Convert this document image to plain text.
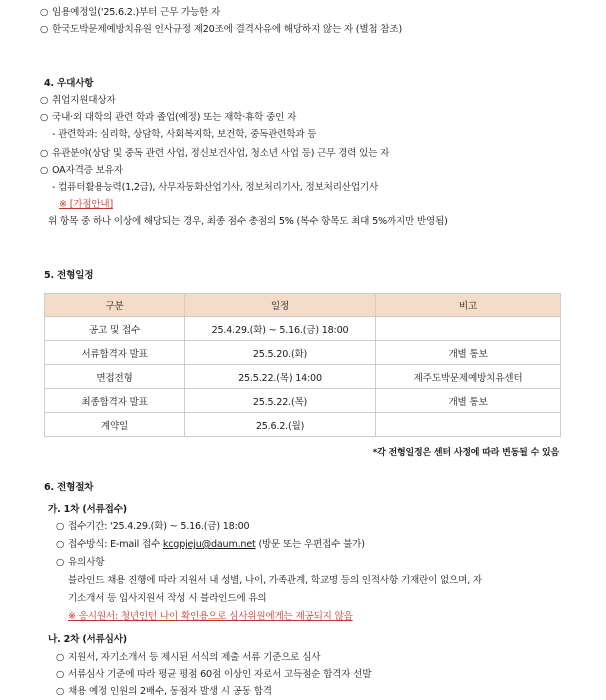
○ 임용예정일('25.6.2.)부터 근무 가능한 자
○ 한국도박문제예방치유원 인사규정 제20조에 결격사유에 해당하지 않는 자 (별첨 참조)
4. 우대사항
○ 취업지원대상자
○ 국내·외 대학의 관련 학과 졸업(예정) 또는 재학·휴학 중인 자
- 관련학과: 심리학, 상담학, 사회복지학, 보건학, 중독관련학과 등
○ 유관분야(상담 및 중독 관련 사업, 정신보건사업, 청소년 사업 등) 근무 경력 있는 자
○ OA자격증 보유자
- 컴퓨터활용능력(1,2급), 사무자동화산업기사, 정보처리기사, 정보처리산업기사
※ [가점안내]
위 항목 중 하나 이상에 해당되는 경우, 최종 점수 총점의 5% (복수 항목도 최대 5%까지만 반영됨)
5. 전형일정
구분	일정	비고
공고 및 접수	25.4.29.(화) ~ 5.16.(금) 18:00	
서류합격자 발표	25.5.20.(화)	개별 통보
면접전형	25.5.22.(목) 14:00	제주도박문제예방치유센터
최종합격자 발표	25.5.22.(목)	개별 통보
계약일	25.6.2.(월)	
*각 전형일정은 센터 사정에 따라 변동될 수 있음
6. 전형절차
가. 1차 (서류접수)
○ 접수기간: '25.4.29.(화) ~ 5.16.(금) 18:00
○ 접수방식: E-mail 접수 kcgpjeju@daum.net (방문 또는 우편접수 불가)
○ 유의사항
블라인드 채용 진행에 따라 지원서 내 성별, 나이, 가족관계, 학교명 등의 인적사항 기재란이 없으며, 자
기소개서 등 입사지원서 작성 시 블라인드에 유의
※ 응시원서: 청년인턴 나이 확인용으로 심사위원에게는 제공되지 않음
나. 2차 (서류심사)
○ 지원서, 자기소개서 등 제시된 서식의 제출 서류 기준으로 심사
○ 서류심사 기준에 따라 평균 평점 60점 이상인 자로서 고득점순 합격자 선발
○ 채용 예정 인원의 2배수, 동점자 발생 시 공동 합격
